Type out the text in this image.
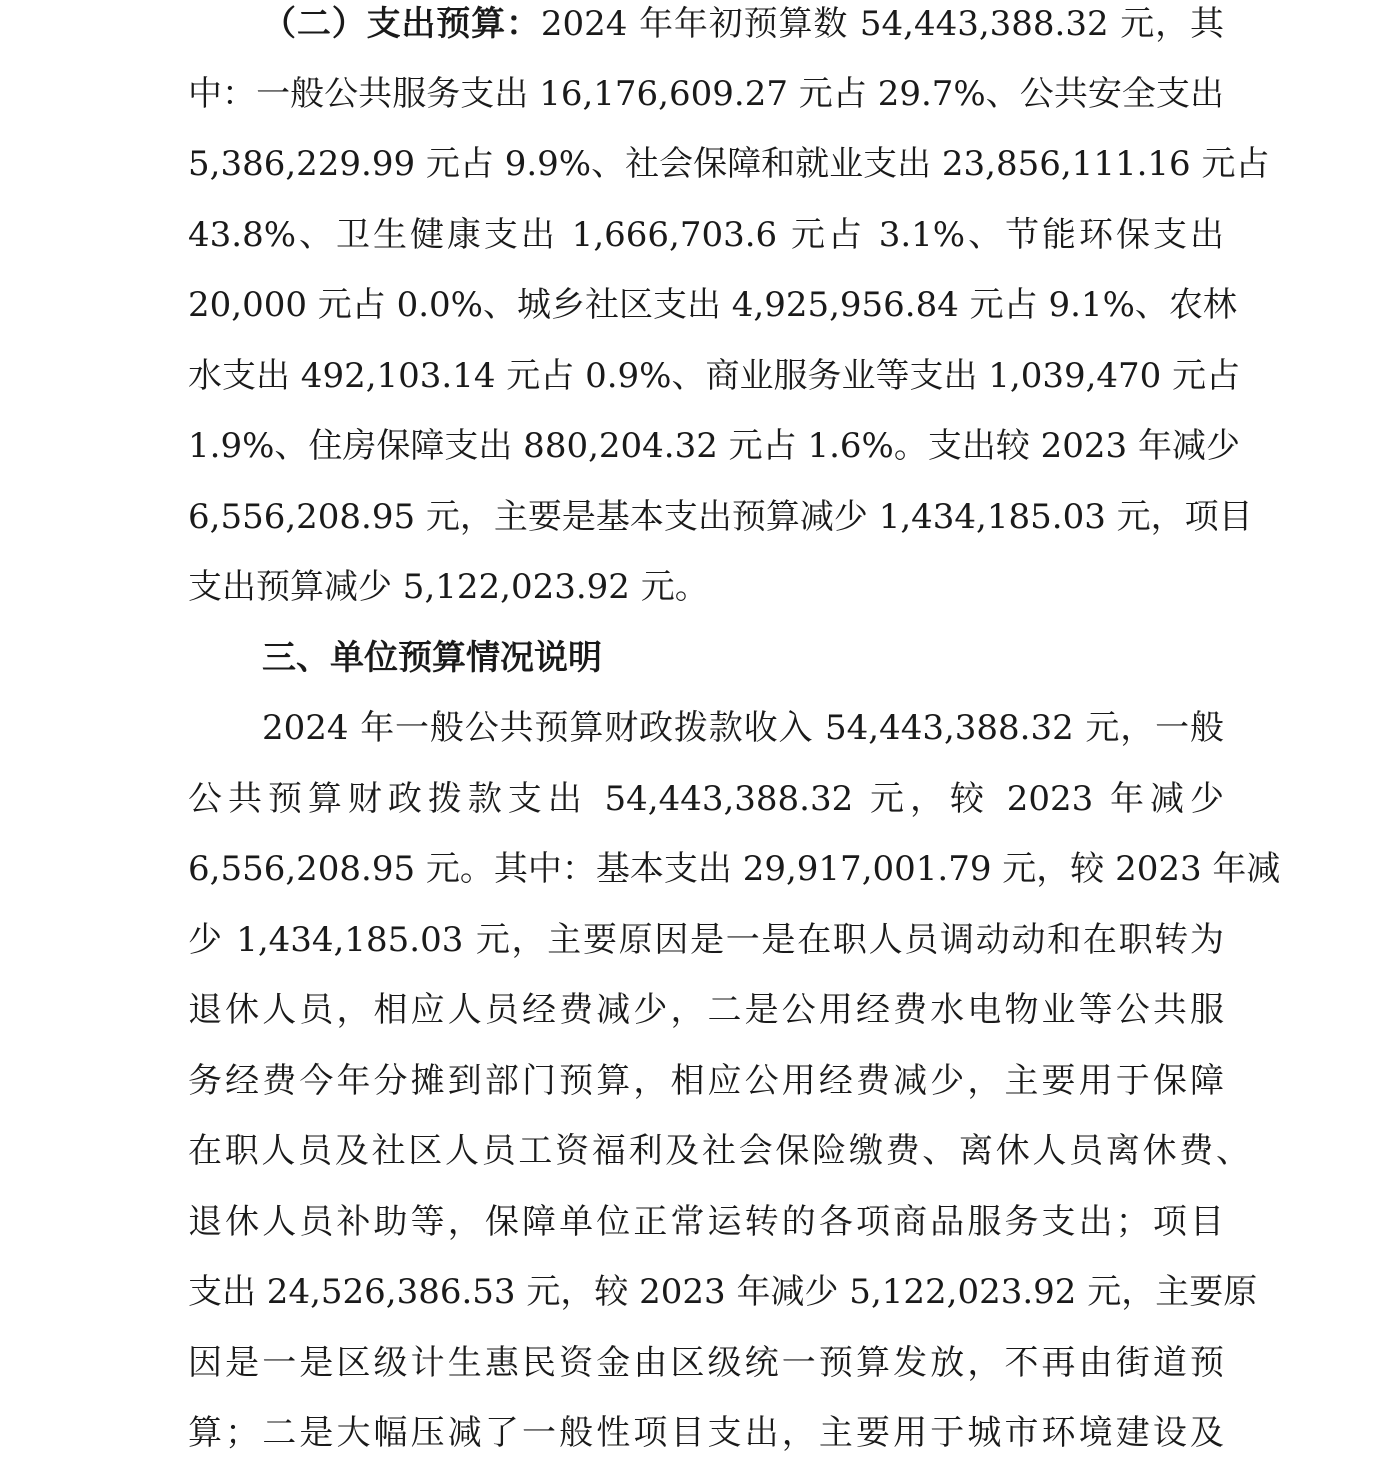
（二）支出预算：2024 年年初预算数 54,443,388.32 元，其
中：一般公共服务支出 16,176,609.27 元占 29.7%、公共安全支出
5,386,229.99 元占 9.9%、社会保障和就业支出 23,856,111.16 元占
43.8%、卫生健康支出 1,666,703.6 元占 3.1%、节能环保支出
20,000 元占 0.0%、城乡社区支出 4,925,956.84 元占 9.1%、农林
水支出 492,103.14 元占 0.9%、商业服务业等支出 1,039,470 元占
1.9%、住房保障支出 880,204.32 元占 1.6%。支出较 2023 年减少
6,556,208.95 元，主要是基本支出预算减少 1,434,185.03 元，项目
支出预算减少 5,122,023.92 元。
三、单位预算情况说明
2024 年一般公共预算财政拨款收入 54,443,388.32 元，一般
公共预算财政拨款支出 54,443,388.32 元，较 2023 年减少
6,556,208.95 元。其中：基本支出 29,917,001.79 元，较 2023 年减
少 1,434,185.03 元，主要原因是一是在职人员调动动和在职转为
退休人员，相应人员经费减少，二是公用经费水电物业等公共服
务经费今年分摊到部门预算，相应公用经费减少，主要用于保障
在职人员及社区人员工资福利及社会保险缴费、离休人员离休费、
退休人员补助等，保障单位正常运转的各项商品服务支出；项目
支出 24,526,386.53 元，较 2023 年减少 5,122,023.92 元，主要原
因是一是区级计生惠民资金由区级统一预算发放，不再由街道预
算；二是大幅压减了一般性项目支出，主要用于城市环境建设及
